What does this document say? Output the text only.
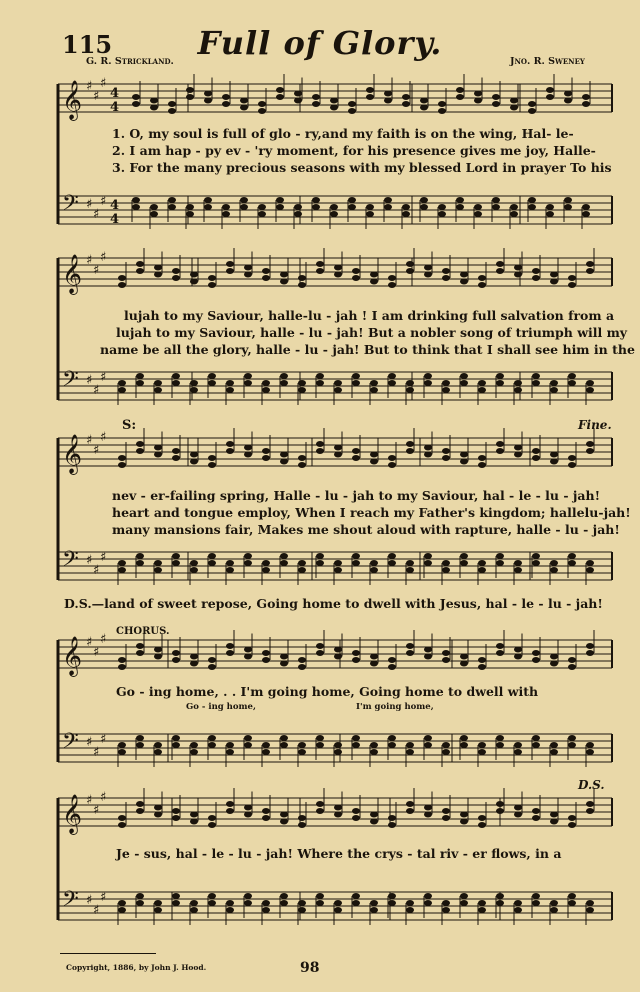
𝄞
𝄢
♯
♯
♯
♯
♯
♯
4
4
4
4
𝄞
𝄢
♯
♯
♯
♯
♯
♯
𝄞
𝄢
♯
♯
♯
♯
♯
♯
𝄞
𝄢
♯
♯
♯
♯
♯
♯
𝄞
𝄢
♯
♯
♯
♯
♯
♯
115	Full of Glory.
G. R. Strickland.	Jno. R. Sweney
1. O, my soul is full of glo - ry,and my faith is on the wing, Hal- le-
2. I am hap - py ev - 'ry moment, for his presence gives me joy, Halle-
3. For the many precious seasons with my blessed Lord in prayer To his
lujah to my Saviour, halle-lu - jah ! I am drinking full salvation from a
lujah to my Saviour, halle - lu - jah! But a nobler song of triumph will my
name be all the glory, halle - lu - jah! But to think that I shall see him in the
Fine.
S:
nev - er-failing spring, Halle - lu - jah to my Saviour, hal - le - lu - jah!
heart and tongue employ, When I reach my Father's kingdom; hallelu-jah!
many mansions fair, Makes me shout aloud with rapture, halle - lu - jah!
D.S.—land of sweet repose, Going home to dwell with Jesus, hal - le - lu - jah!
CHORUS.
Go - ing home, . . I'm going home, Going home to dwell with
Go - ing home,	I'm going home,
D.S.
Je - sus, hal - le - lu - jah! Where the crys - tal riv - er flows, in a
Copyright, 1886, by John J. Hood.	98
